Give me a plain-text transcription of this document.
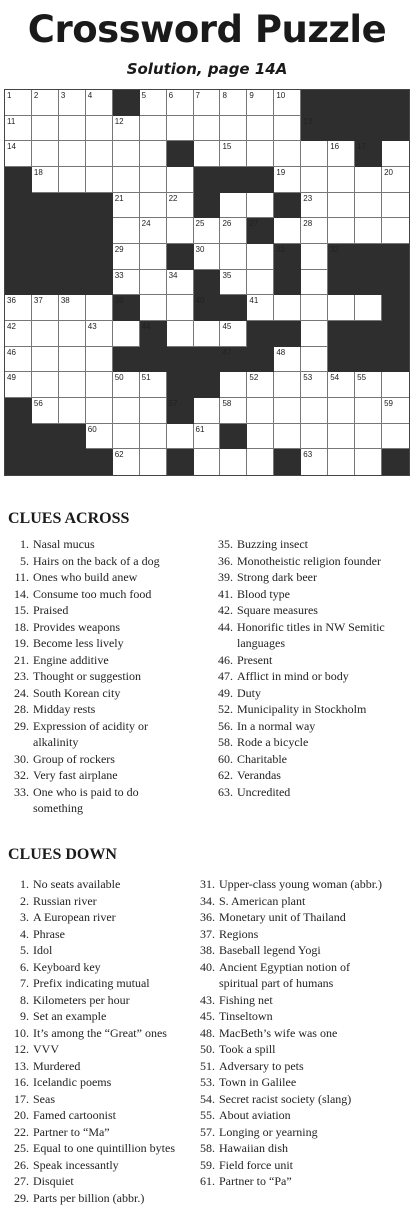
Crossword Puzzle
Solution, page 14A
1	2	3	4	5	6	7	8	9	10
11	12	13
14	15	16 17
18	19	20
21	22	23
24	25 26 27	28
29	30	31	32
33	34	35
36 37 38	39	40	41
42	43	44	45
46	47	48
49	50 51	52	53 54 55
56	57	58	59
60	61
62	63
CLUES ACROSS
1. Nasal mucus
5. Hairs on the back of a dog
11. Ones who build anew
14. Consume too much food
15. Praised
18. Provides weapons
19. Become less lively
21. Engine additive
23. Thought or suggestion
24. South Korean city
28. Midday rests
29. Expression of acidity or
alkalinity
30. Group of rockers
32. Very fast airplane
33. One who is paid to do
something
35. Buzzing insect
36. Monotheistic religion founder
39. Strong dark beer
41. Blood type
42. Square measures
44. Honorific titles in NW Semitic
languages
46. Present
47. Afflict in mind or body
49. Duty
52. Municipality in Stockholm
56. In a normal way
58. Rode a bicycle
60. Charitable
62. Verandas
63. Uncredited
CLUES DOWN
1. No seats available
2. Russian river
3. A European river
4. Phrase
5. Idol
6. Keyboard key
7. Prefix indicating mutual
8. Kilometers per hour
9. Set an example
10. It’s among the “Great” ones
12. VVV
13. Murdered
16. Icelandic poems
17. Seas
20. Famed cartoonist
22. Partner to “Ma”
25. Equal to one quintillion bytes
26. Speak incessantly
27. Disquiet
29. Parts per billion (abbr.)
31. Upper-class young woman (abbr.)
34. S. American plant
36. Monetary unit of Thailand
37. Regions
38. Baseball legend Yogi
40. Ancient Egyptian notion of
spiritual part of humans
43. Fishing net
45. Tinseltown
48. MacBeth’s wife was one
50. Took a spill
51. Adversary to pets
53. Town in Galilee
54. Secret racist society (slang)
55. About aviation
57. Longing or yearning
58. Hawaiian dish
59. Field force unit
61. Partner to “Pa”
